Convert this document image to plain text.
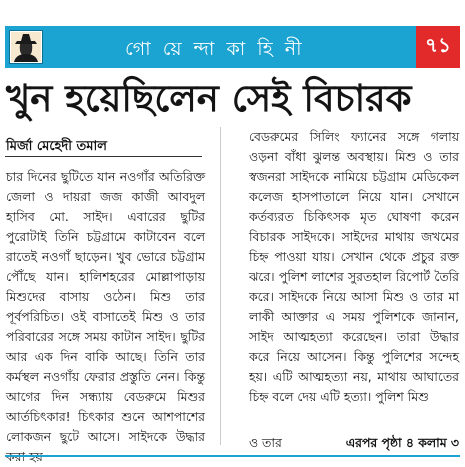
গো য়ে ন্দা কা হি নী	৭১
খুন হয়েছিলেন সেই বিচারক
মির্জা মেহেদী তমাল
চার দিনের ছুটিতে যান নওগাঁর অতিরিক্ত জেলা ও দায়রা জজ কাজী আবদুল হাসিব মো. সাইদ। এবারের ছুটির পুরোটাই তিনি চট্টগ্রামে কাটাবেন বলে রাতেই নওগাঁ ছাড়েন। খুব ভোরে চট্টগ্রাম পৌঁছে যান। হালিশহরের মোল্লাপাড়ায় মিশুদের বাসায় ওঠেন। মিশু তার পূর্বপরিচিত। ওই বাসাতেই মিশু ও তার পরিবারের সঙ্গে সময় কাটান সাইদ। ছুটির আর এক দিন বাকি আছে। তিনি তার কর্মস্থল নওগাঁয় ফেরার প্রস্তুতি নেন। কিন্তু আগের দিন সন্ধ্যায় বেডরুমে মিশুর আর্তচিৎকার! চিৎকার শুনে আশপাশের লোকজন ছুটে আসে। সাইদকে উদ্ধার
বেডরুমের সিলিং ফ্যানের সঙ্গে গলায় ওড়না বাঁধা ঝুলন্ত অবস্থায়। মিশু ও তার স্বজনরা সাইদকে নামিয়ে চট্টগ্রাম মেডিকেল কলেজ হাসপাতালে নিয়ে যান। সেখানে কর্তব্যরত চিকিৎসক মৃত ঘোষণা করেন বিচারক সাইদকে। সাইদের মাথায় জখমের চিহ্ন পাওয়া যায়। সেখান থেকে প্রচুর রক্ত ঝরে। পুলিশ লাশের সুরতহাল রিপোর্ট তৈরি করে। সাইদকে নিয়ে আসা মিশু ও তার মা লাকী আক্তার এ সময় পুলিশকে জানান, সাইদ আত্মহত্যা করেছেন। তারা উদ্ধার করে নিয়ে আসেন। কিন্তু পুলিশের সন্দেহ হয়। এটি আত্মহত্যা নয়, মাথায় আঘাতের চিহ্ন বলে দেয় এটি হত্যা। পুলিশ মিশু
ও তার	এরপর পৃষ্ঠা ৪ কলাম ৩
